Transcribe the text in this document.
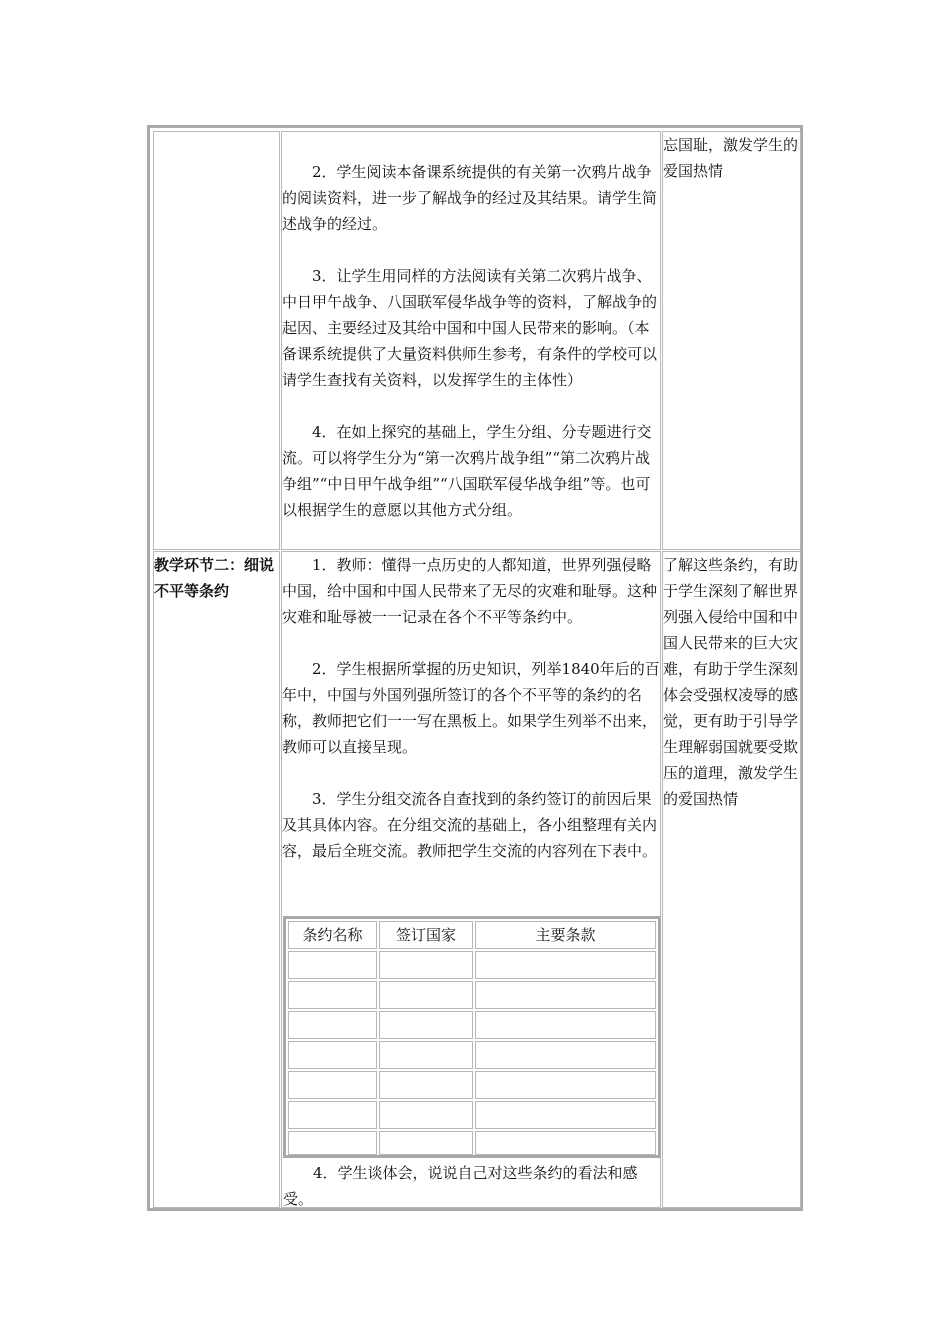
2．学生阅读本备课系统提供的有关第一次鸦片战争的阅读资料，进一步了解战争的经过及其结果。请学生简述战争的经过。

3．让学生用同样的方法阅读有关第二次鸦片战争、中日甲午战争、八国联军侵华战争等的资料，了解战争的起因、主要经过及其给中国和中国人民带来的影响。（本备课系统提供了大量资料供师生参考，有条件的学校可以请学生查找有关资料，以发挥学生的主体性）

4．在如上探究的基础上，学生分组、分专题进行交流。可以将学生分为“第一次鸦片战争组”“第二次鸦片战争组”“中日甲午战争组”“八国联军侵华战争组”等。也可以根据学生的意愿以其他方式分组。

忘国耻，激发学生的爱国热情

教学环节二：细说不平等条约

1．教师：懂得一点历史的人都知道，世界列强侵略中国，给中国和中国人民带来了无尽的灾难和耻辱。这种灾难和耻辱被一一记录在各个不平等条约中。

2．学生根据所掌握的历史知识，列举1840年后的百年中，中国与外国列强所签订的各个不平等的条约的名称，教师把它们一一写在黑板上。如果学生列举不出来，教师可以直接呈现。

3．学生分组交流各自查找到的条约签订的前因后果及其具体内容。在分组交流的基础上，各小组整理有关内容，最后全班交流。教师把学生交流的内容列在下表中。

了解这些条约，有助于学生深刻了解世界列强入侵给中国和中国人民带来的巨大灾难，有助于学生深刻体会受强权凌辱的感觉，更有助于引导学生理解弱国就要受欺压的道理，激发学生的爱国热情

条约名称	签订国家	主要条款

4．学生谈体会，说说自己对这些条约的看法和感受。
